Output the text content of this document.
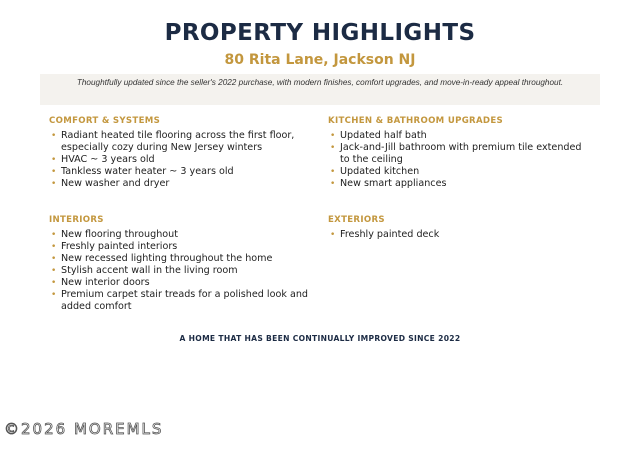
PROPERTY HIGHLIGHTS
80 Rita Lane, Jackson NJ
Thoughtfully updated since the seller's 2022 purchase, with modern finishes, comfort upgrades, and move-in-ready appeal throughout.
COMFORT & SYSTEMS
• Radiant heated tile flooring across the first floor, especially cozy during New Jersey winters
• HVAC ~ 3 years old
• Tankless water heater ~ 3 years old
• New washer and dryer
KITCHEN & BATHROOM UPGRADES
• Updated half bath
• Jack-and-Jill bathroom with premium tile extended to the ceiling
• Updated kitchen
• New smart appliances
INTERIORS
• New flooring throughout
• Freshly painted interiors
• New recessed lighting throughout the home
• Stylish accent wall in the living room
• New interior doors
• Premium carpet stair treads for a polished look and added comfort
EXTERIORS
• Freshly painted deck
A HOME THAT HAS BEEN CONTINUALLY IMPROVED SINCE 2022
©2026 MOREMLS
